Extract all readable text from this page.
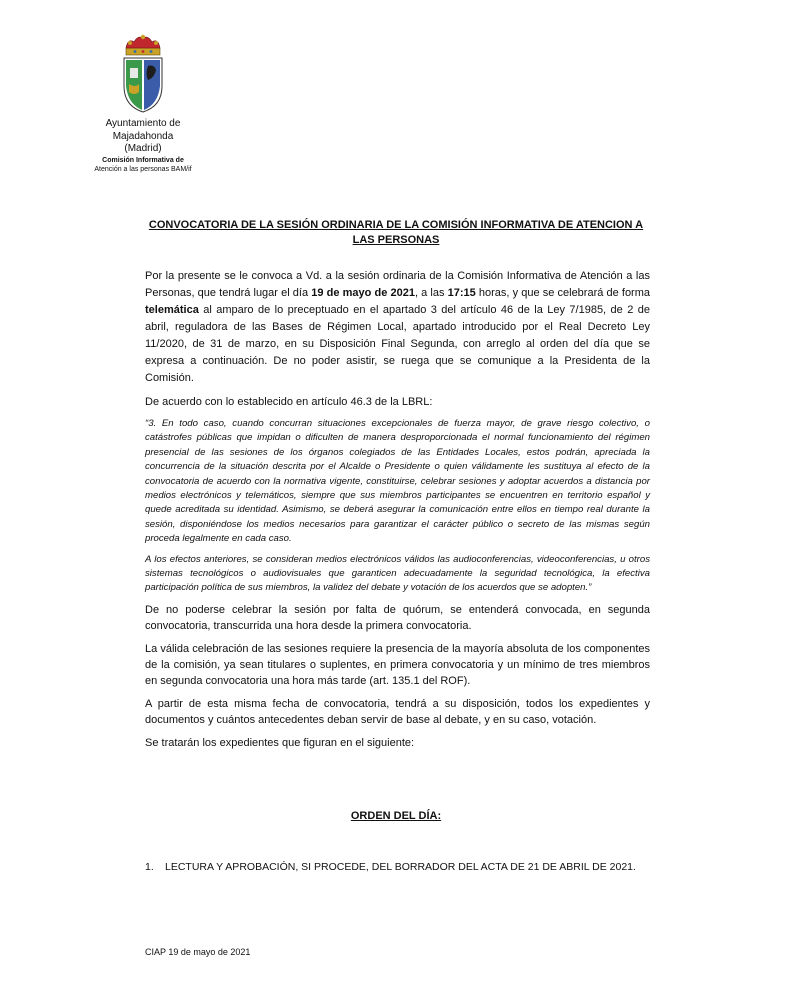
Ayuntamiento de
Majadahonda
(Madrid)
Comisión Informativa de
Atención a las personas BAM/if
CONVOCATORIA DE LA SESIÓN ORDINARIA DE LA COMISIÓN INFORMATIVA DE ATENCION A LAS PERSONAS

Por la presente se le convoca a Vd. a la sesión ordinaria de la Comisión Informativa de Atención a las Personas, que tendrá lugar el día 19 de mayo de 2021, a las 17:15 horas, y que se celebrará de forma telemática al amparo de lo preceptuado en el apartado 3 del artículo 46 de la Ley 7/1985, de 2 de abril, reguladora de las Bases de Régimen Local, apartado introducido por el Real Decreto Ley 11/2020, de 31 de marzo, en su Disposición Final Segunda, con arreglo al orden del día que se expresa a continuación. De no poder asistir, se ruega que se comunique a la Presidenta de la Comisión.

De acuerdo con lo establecido en artículo 46.3 de la LBRL:

“3. En todo caso, cuando concurran situaciones excepcionales de fuerza mayor, de grave riesgo colectivo, o catástrofes públicas que impidan o dificulten de manera desproporcionada el normal funcionamiento del régimen presencial de las sesiones de los órganos colegiados de las Entidades Locales, estos podrán, apreciada la concurrencia de la situación descrita por el Alcalde o Presidente o quien válidamente les sustituya al efecto de la convocatoria de acuerdo con la normativa vigente, constituirse, celebrar sesiones y adoptar acuerdos a distancia por medios electrónicos y telemáticos, siempre que sus miembros participantes se encuentren en territorio español y quede acreditada su identidad. Asimismo, se deberá asegurar la comunicación entre ellos en tiempo real durante la sesión, disponiéndose los medios necesarios para garantizar el carácter público o secreto de las mismas según proceda legalmente en cada caso.

A los efectos anteriores, se consideran medios electrónicos válidos las audioconferencias, videoconferencias, u otros sistemas tecnológicos o audiovisuales que garanticen adecuadamente la seguridad tecnológica, la efectiva participación política de sus miembros, la validez del debate y votación de los acuerdos que se adopten.”

De no poderse celebrar la sesión por falta de quórum, se entenderá convocada, en segunda convocatoria, transcurrida una hora desde la primera convocatoria.

La válida celebración de las sesiones requiere la presencia de la mayoría absoluta de los componentes de la comisión, ya sean titulares o suplentes, en primera convocatoria y un mínimo de tres miembros en segunda convocatoria una hora más tarde (art. 135.1 del ROF).

A partir de esta misma fecha de convocatoria, tendrá a su disposición, todos los expedientes y documentos y cuántos antecedentes deban servir de base al debate, y en su caso, votación.

Se tratarán los expedientes que figuran en el siguiente:

ORDEN DEL DÍA:
1. LECTURA Y APROBACIÓN, SI PROCEDE, DEL BORRADOR DEL ACTA DE 21 DE ABRIL DE 2021.
CIAP 19 de mayo de 2021
